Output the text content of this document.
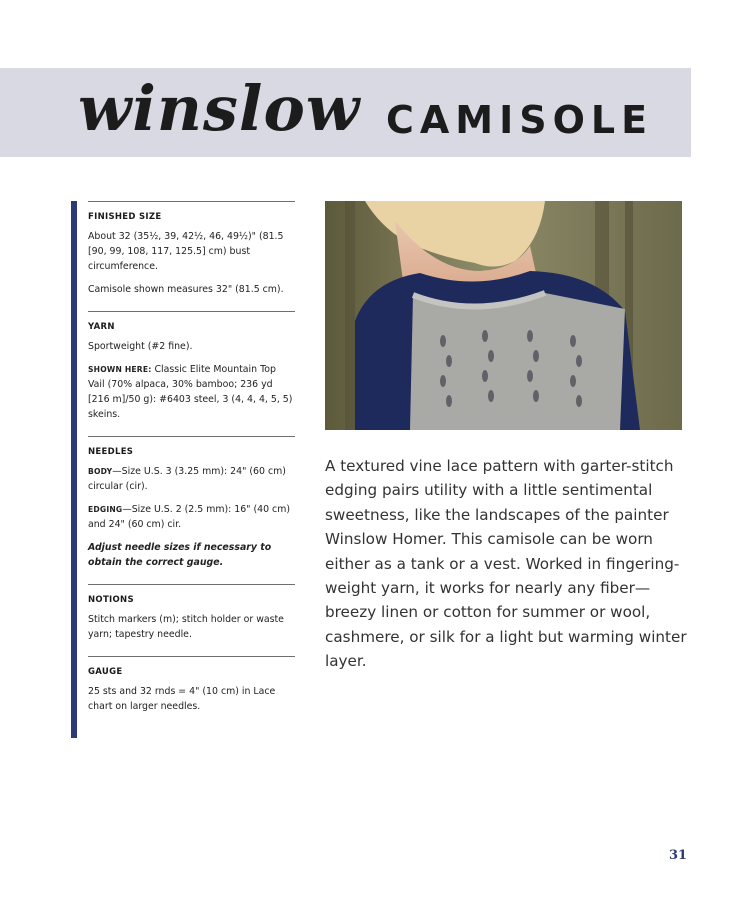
winslow CAMISOLE
FINISHED SIZE

About 32 (35½, 39, 42½, 46, 49½)" (81.5 [90, 99, 108, 117, 125.5] cm) bust circumference.

Camisole shown measures 32" (81.5 cm).

YARN

Sportweight (#2 fine).

SHOWN HERE: Classic Elite Mountain Top Vail (70% alpaca, 30% bamboo; 236 yd [216 m]/50 g): #6403 steel, 3 (4, 4, 4, 5, 5) skeins.

NEEDLES

BODY—Size U.S. 3 (3.25 mm): 24" (60 cm) circular (cir).

EDGING—Size U.S. 2 (2.5 mm): 16" (40 cm) and 24" (60 cm) cir.

Adjust needle sizes if necessary to obtain the correct gauge.

NOTIONS

Stitch markers (m); stitch holder or waste yarn; tapestry needle.

GAUGE

25 sts and 32 rnds = 4" (10 cm) in Lace chart on larger needles.

A textured vine lace pattern with garter-stitch edging pairs utility with a little sentimental sweetness, like the landscapes of the painter Winslow Homer. This camisole can be worn either as a tank or a vest. Worked in fingering-weight yarn, it works for nearly any fiber—breezy linen or cotton for summer or wool, cashmere, or silk for a light but warming winter layer.

31
